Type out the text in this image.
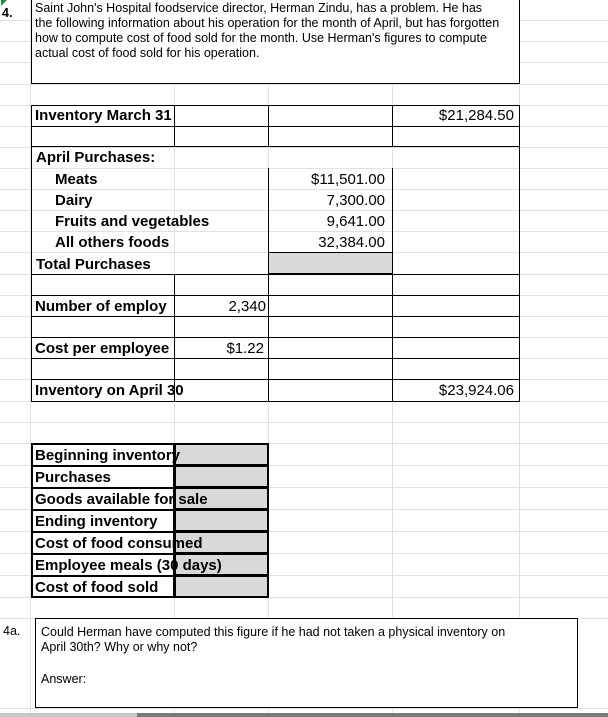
4. Saint John's Hospital foodservice director, Herman Zindu, has a problem. He has
the following information about his operation for the month of April, but has forgotten
how to compute cost of food sold for the month. Use Herman's figures to compute
actual cost of food sold for his operation.
Inventory March 31	$21,284.50
April Purchases:
Meats	$11,501.00
Dairy	7,300.00
Fruits and vegetables	9,641.00
All others foods	32,384.00
Total Purchases
Number of employ	2,340
Cost per employee	$1.22
Inventory on April 30	$23,924.06
Beginning inventory
Purchases
Goods available for sale
Ending inventory
Cost of food consumed
Employee meals (30 days)
Cost of food sold
4a. Could Herman have computed this figure if he had not taken a physical inventory on
April 30th? Why or why not?
Answer:
